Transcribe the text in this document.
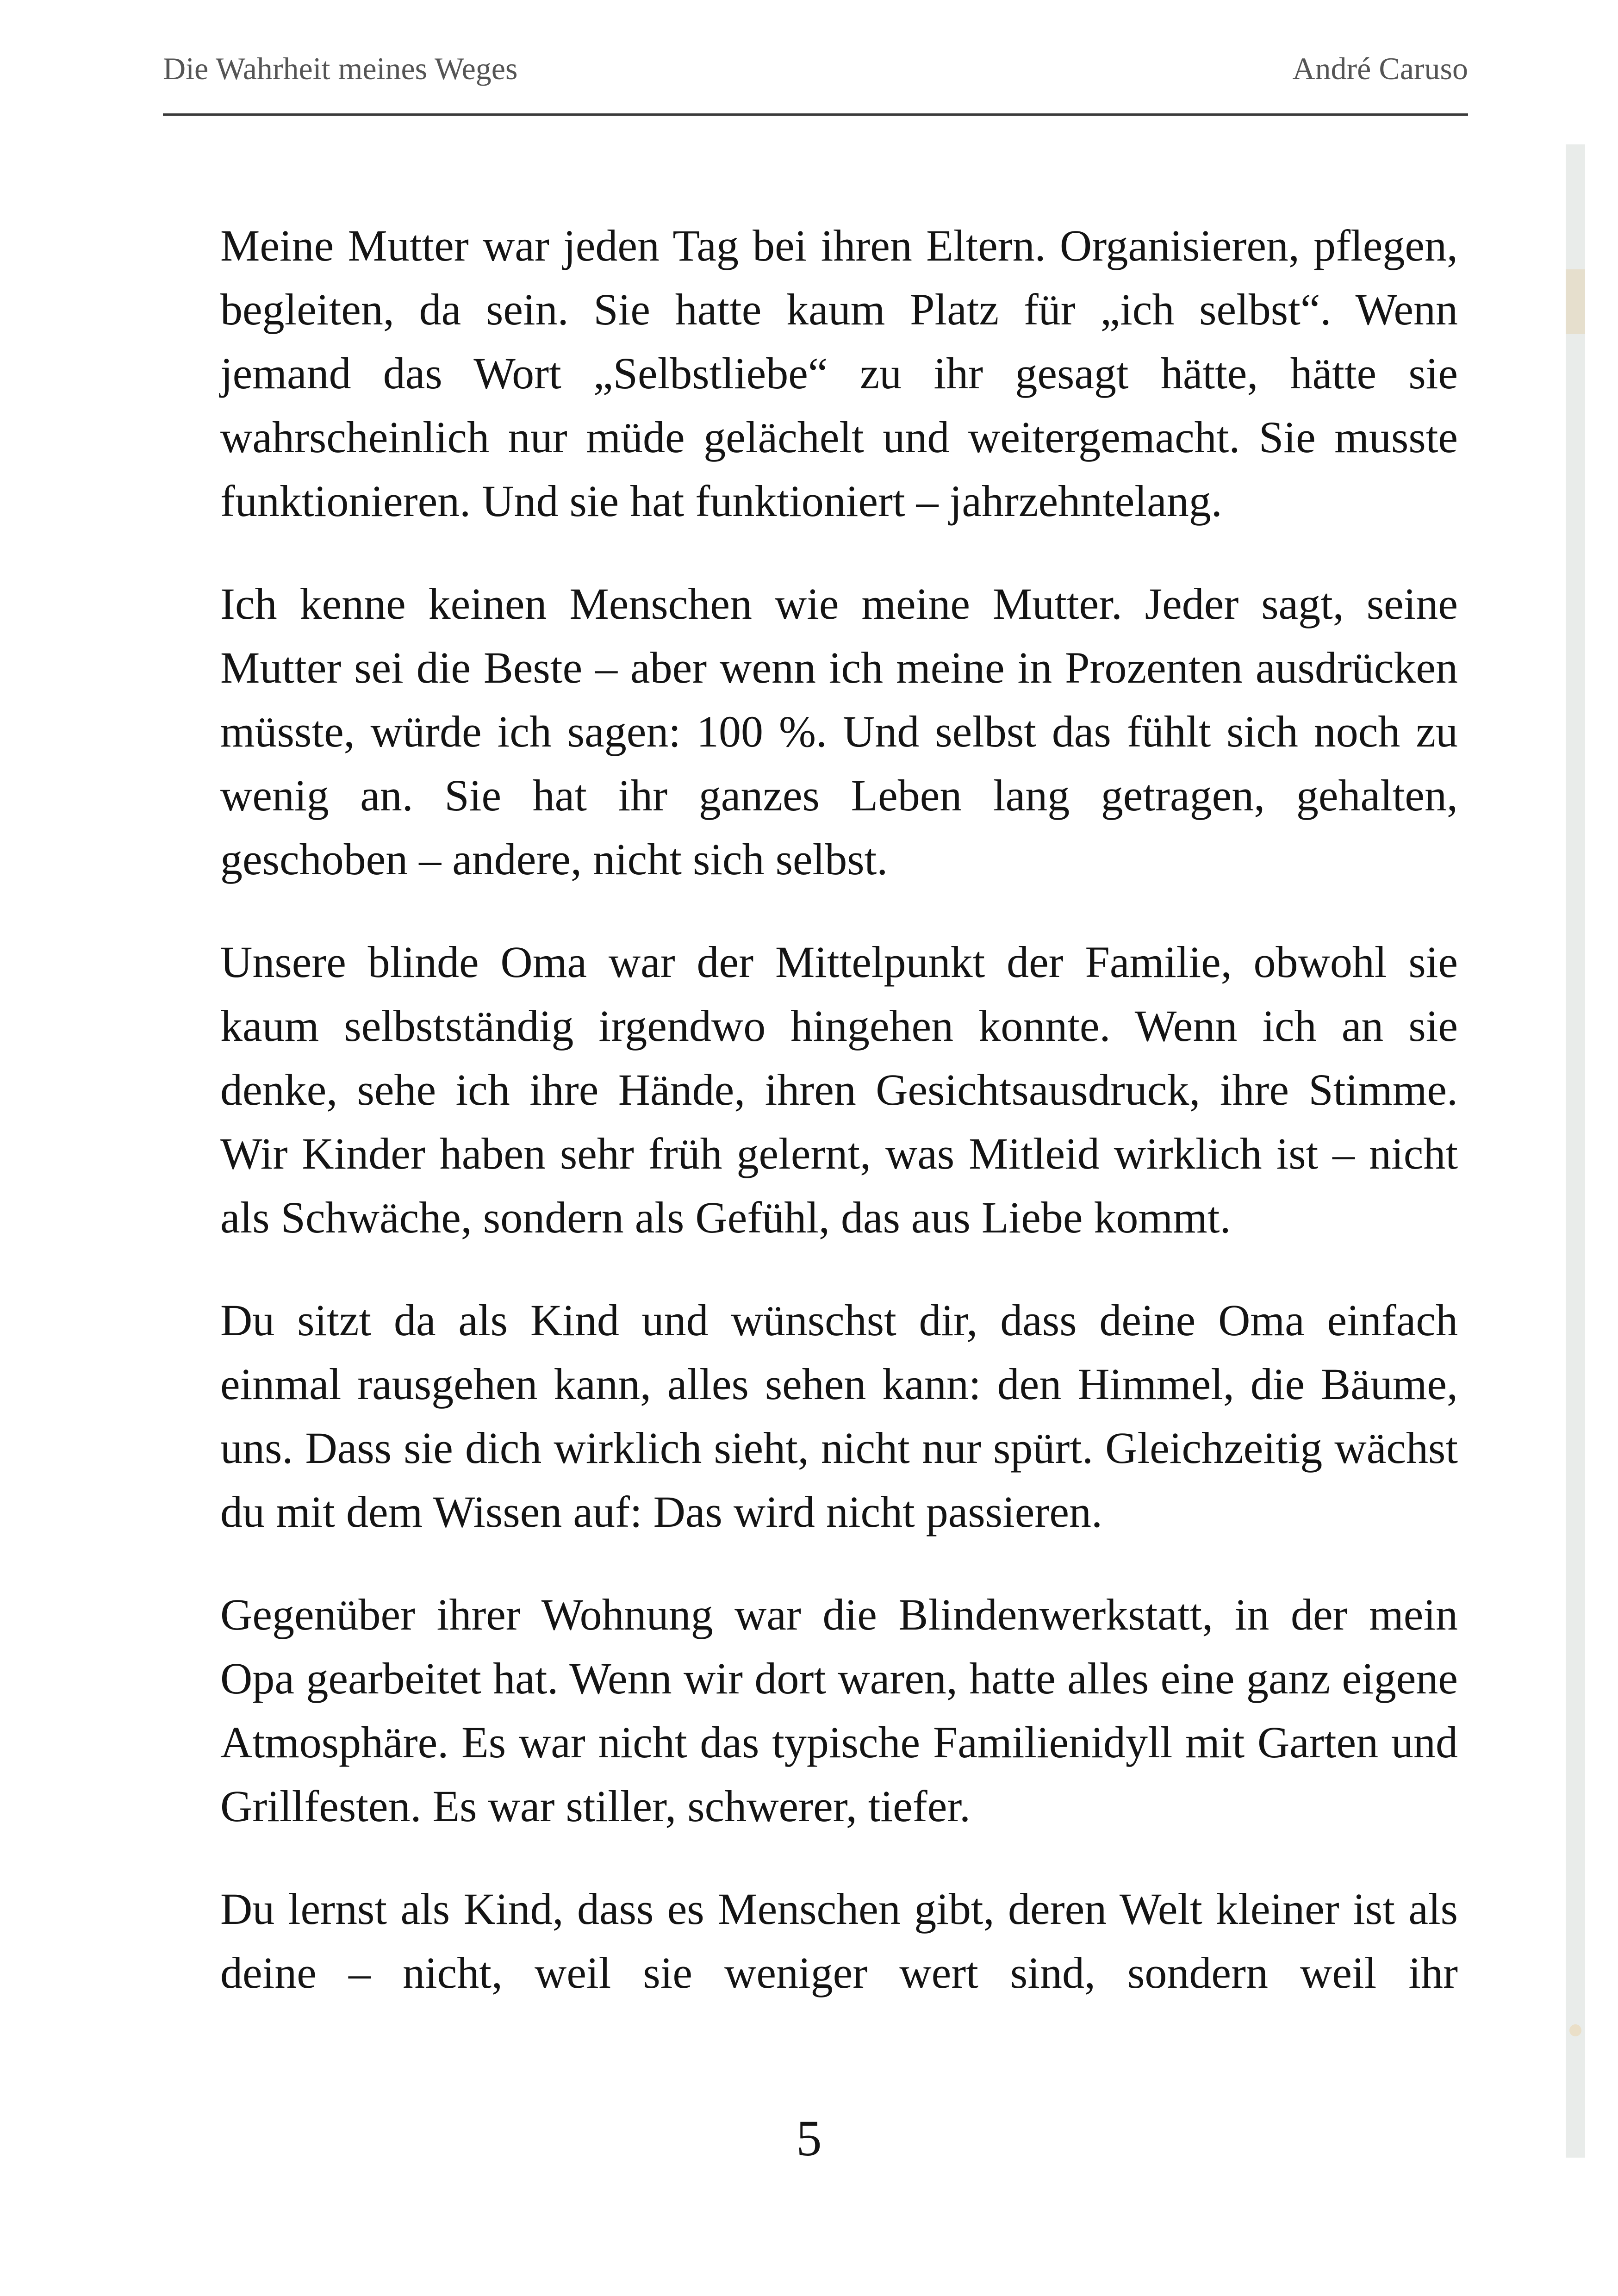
Die Wahrheit meines Weges	André Caruso

Meine Mutter war jeden Tag bei ihren Eltern. Organisieren, pflegen, begleiten, da sein. Sie hatte kaum Platz für „ich selbst“. Wenn jemand das Wort „Selbstliebe“ zu ihr gesagt hätte, hätte sie wahrscheinlich nur müde gelächelt und weitergemacht. Sie musste funktionieren. Und sie hat funktioniert – jahrzehntelang.

Ich kenne keinen Menschen wie meine Mutter. Jeder sagt, seine Mutter sei die Beste – aber wenn ich meine in Prozenten ausdrücken müsste, würde ich sagen: 100 %. Und selbst das fühlt sich noch zu wenig an. Sie hat ihr ganzes Leben lang getragen, gehalten, geschoben – andere, nicht sich selbst.

Unsere blinde Oma war der Mittelpunkt der Familie, obwohl sie kaum selbstständig irgendwo hingehen konnte. Wenn ich an sie denke, sehe ich ihre Hände, ihren Gesichtsausdruck, ihre Stimme. Wir Kinder haben sehr früh gelernt, was Mitleid wirklich ist – nicht als Schwäche, sondern als Gefühl, das aus Liebe kommt.

Du sitzt da als Kind und wünschst dir, dass deine Oma einfach einmal rausgehen kann, alles sehen kann: den Himmel, die Bäume, uns. Dass sie dich wirklich sieht, nicht nur spürt. Gleichzeitig wächst du mit dem Wissen auf: Das wird nicht passieren.

Gegenüber ihrer Wohnung war die Blindenwerkstatt, in der mein Opa gearbeitet hat. Wenn wir dort waren, hatte alles eine ganz eigene Atmosphäre. Es war nicht das typische Familienidyll mit Garten und Grillfesten. Es war stiller, schwerer, tiefer.

Du lernst als Kind, dass es Menschen gibt, deren Welt kleiner ist als deine – nicht, weil sie weniger wert sind, sondern weil ihr

5
